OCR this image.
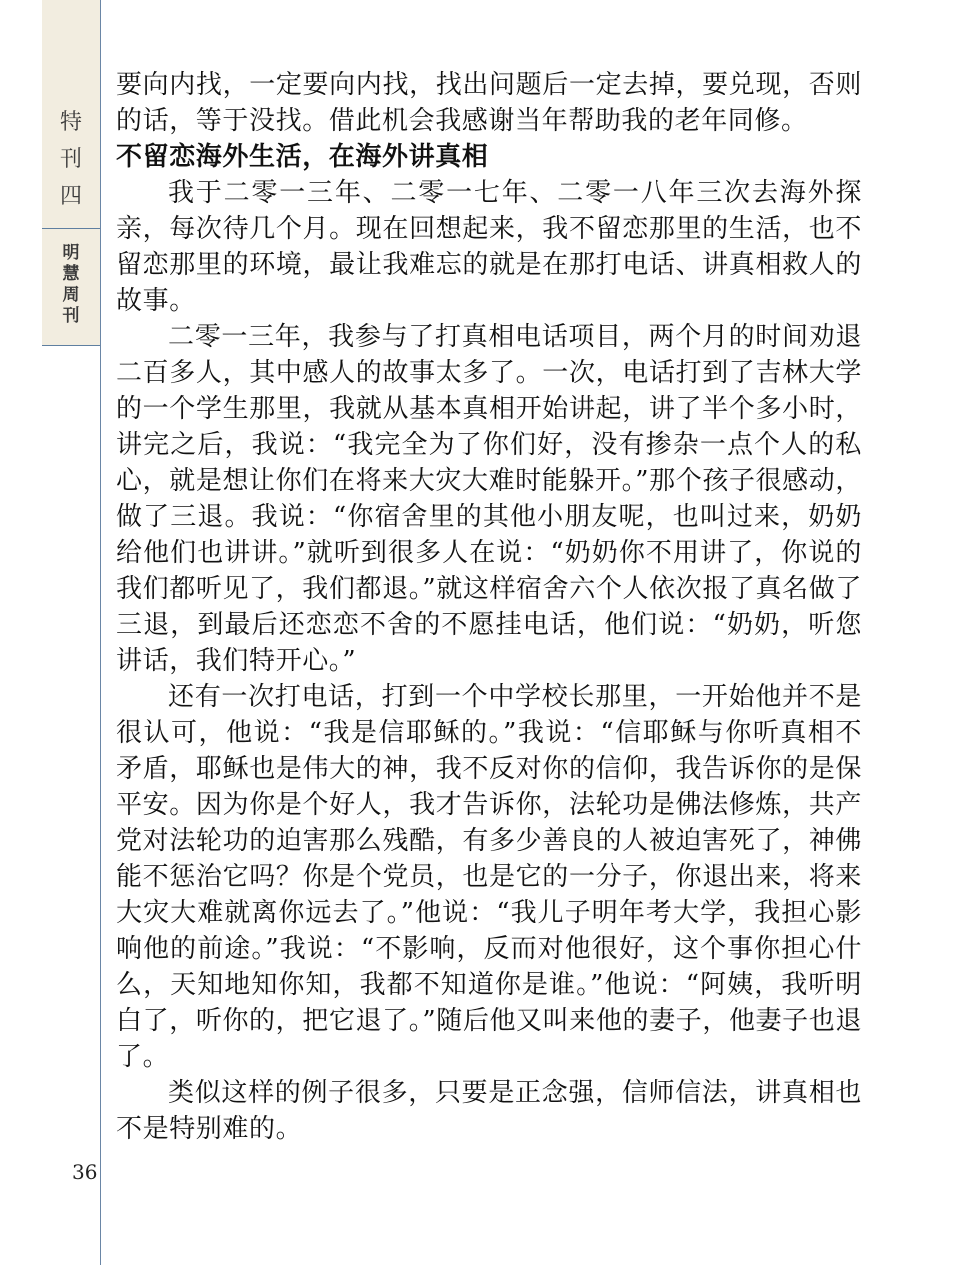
特
刊
四
明
慧
周
刊

要向内找，一定要向内找，找出问题后一定去掉，要兑现，否则的话，等于没找。借此机会我感谢当年帮助我的老年同修。

不留恋海外生活，在海外讲真相

我于二零一三年、二零一七年、二零一八年三次去海外探亲，每次待几个月。现在回想起来，我不留恋那里的生活，也不留恋那里的环境，最让我难忘的就是在那打电话、讲真相救人的故事。

二零一三年，我参与了打真相电话项目，两个月的时间劝退二百多人，其中感人的故事太多了。一次，电话打到了吉林大学的一个学生那里，我就从基本真相开始讲起，讲了半个多小时，讲完之后，我说：“我完全为了你们好，没有掺杂一点个人的私心，就是想让你们在将来大灾大难时能躲开。”那个孩子很感动，做了三退。我说：“你宿舍里的其他小朋友呢，也叫过来，奶奶给他们也讲讲。”就听到很多人在说：“奶奶你不用讲了，你说的我们都听见了，我们都退。”就这样宿舍六个人依次报了真名做了三退，到最后还恋恋不舍的不愿挂电话，他们说：“奶奶，听您讲话，我们特开心。”

还有一次打电话，打到一个中学校长那里，一开始他并不是很认可，他说：“我是信耶稣的。”我说：“信耶稣与你听真相不矛盾，耶稣也是伟大的神，我不反对你的信仰，我告诉你的是保平安。因为你是个好人，我才告诉你，法轮功是佛法修炼，共产党对法轮功的迫害那么残酷，有多少善良的人被迫害死了，神佛能不惩治它吗？你是个党员，也是它的一分子，你退出来，将来大灾大难就离你远去了。”他说：“我儿子明年考大学，我担心影响他的前途。”我说：“不影响，反而对他很好，这个事你担心什么，天知地知你知，我都不知道你是谁。”他说：“阿姨，我听明白了，听你的，把它退了。”随后他又叫来他的妻子，他妻子也退了。

类似这样的例子很多，只要是正念强，信师信法，讲真相也不是特别难的。

36
